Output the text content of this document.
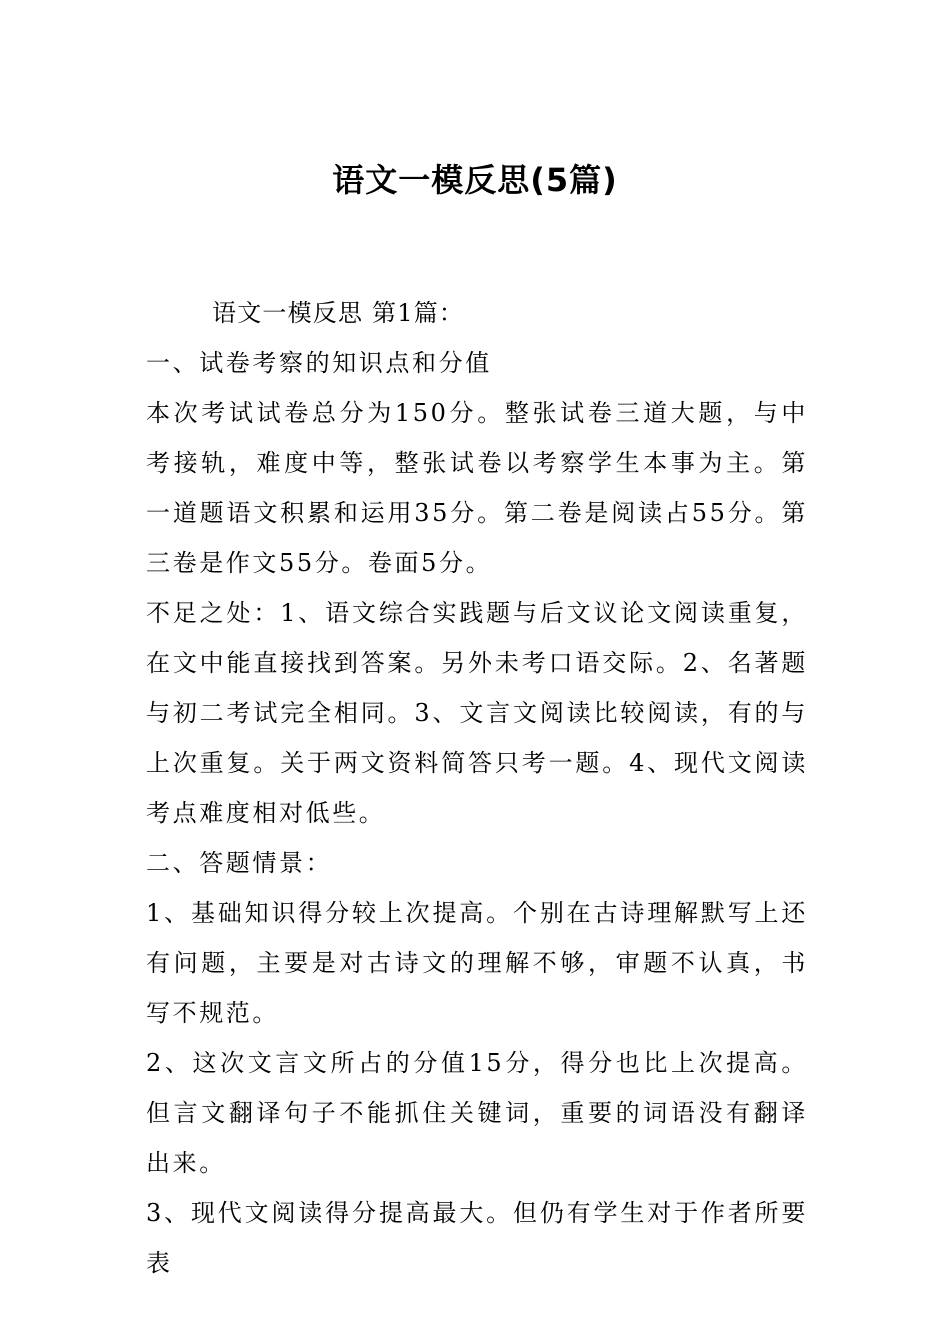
语文一模反思(5篇)

语文一模反思 第1篇：

一、试卷考察的知识点和分值

本次考试试卷总分为150分。整张试卷三道大题，与中考接轨，难度中等，整张试卷以考察学生本事为主。第一道题语文积累和运用35分。第二卷是阅读占55分。第三卷是作文55分。卷面5分。

不足之处：1、语文综合实践题与后文议论文阅读重复，在文中能直接找到答案。另外未考口语交际。2、名著题与初二考试完全相同。3、文言文阅读比较阅读，有的与上次重复。关于两文资料简答只考一题。4、现代文阅读考点难度相对低些。

二、答题情景：

1、基础知识得分较上次提高。个别在古诗理解默写上还有问题，主要是对古诗文的理解不够，审题不认真，书写不规范。

2、这次文言文所占的分值15分，得分也比上次提高。但言文翻译句子不能抓住关键词，重要的词语没有翻译出来。

3、现代文阅读得分提高最大。但仍有学生对于作者所要表
